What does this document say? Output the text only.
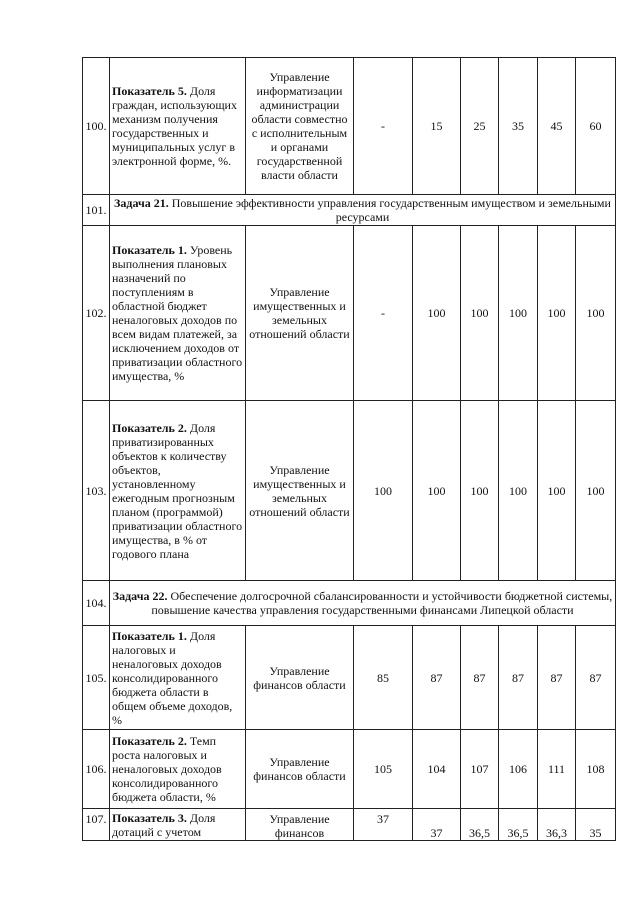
100.	Показатель 5. Доля граждан, использующих механизм получения государственных и муниципальных услуг в электронной форме, %.	Управление информатизации администрации области совместно с исполнительным и органами государственной власти области	-	15	25	35	45	60
101.	Задача 21. Повышение эффективности управления государственным имуществом и земельными ресурсами							
102.	Показатель 1. Уровень выполнения плановых назначений по поступлениям в областной бюджет неналоговых доходов по всем видам платежей, за исключением доходов от приватизации областного имущества, %	Управление имущественных и земельных отношений области	-	100	100	100	100	100
103.	Показатель 2. Доля приватизированных объектов к количеству объектов, установленному ежегодным прогнозным планом (программой) приватизации областного имущества, в % от годового плана	Управление имущественных и земельных отношений области	100	100	100	100	100	100
104.	Задача 22. Обеспечение долгосрочной сбалансированности и устойчивости бюджетной системы, повышение качества управления государственными финансами Липецкой области							
105.	Показатель 1. Доля налоговых и неналоговых доходов консолидированного бюджета области в общем объеме доходов, %	Управление финансов области	85	87	87	87	87	87
106.	Показатель 2. Темп роста налоговых и неналоговых доходов консолидированного бюджета области, %	Управление финансов области	105	104	107	106	111	108
107.	Показатель 3. Доля дотаций с учетом	Управление финансов	37	37	36,5	36,5	36,3	35
